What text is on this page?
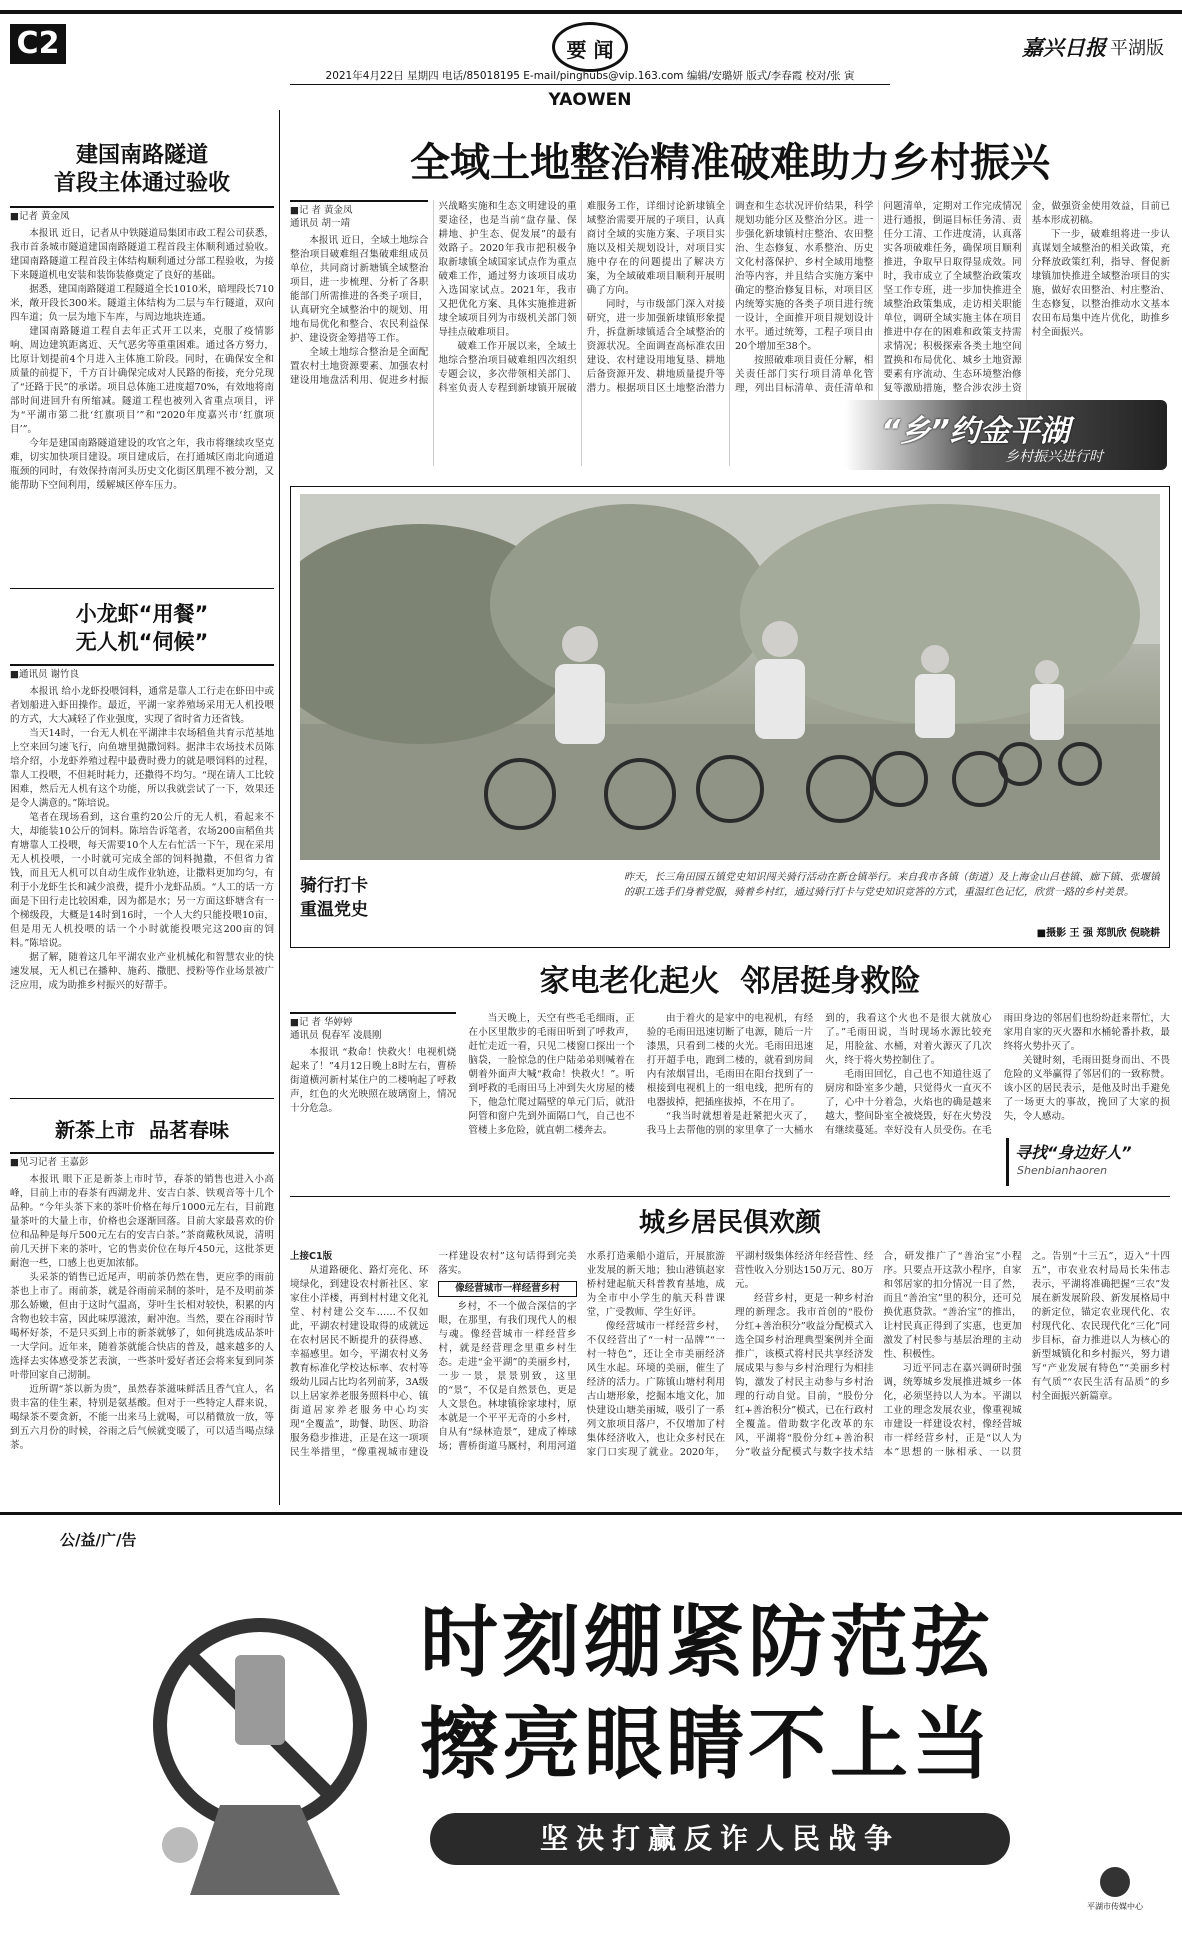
C2	要 闻	嘉兴日报 平湖版
2021年4月22日 星期四 电话/85018195 E-mail/pinghubs@vip.163.com 编辑/安璐妍 版式/李春霞 校对/张 寅
YAOWEN
建国南路隧道
首段主体通过验收
■记者 黄金凤

本报讯 近日，记者从中铁隧道局集团市政工程公司获悉，我市首条城市隧道建国南路隧道工程首段主体顺利通过验收。建国南路隧道工程首段主体结构顺利通过分部工程验收，为接下来隧道机电安装和装饰装修奠定了良好的基础。

据悉，建国南路隧道工程隧道全长1010米，暗埋段长710米，敞开段长300米。隧道主体结构为二层与车行隧道，双向四车道；负一层为地下车库，与周边地块连通。

建国南路隧道工程自去年正式开工以来，克服了疫情影响、周边建筑距离近、天气恶劣等重重困难。通过各方努力，比原计划提前4个月进入主体施工阶段。同时，在确保安全和质量的前提下，千方百计确保完成对人民路的衔接，充分兑现了“还路于民”的承诺。项目总体施工进度超70%，有效地将南部时间进回升有所缩减。隧道工程也被列入省重点项目，评为“平湖市第二批‘红旗项目’”和“2020年度嘉兴市‘红旗项目’”。

今年是建国南路隧道建设的攻官之年，我市将继续攻坚克难，切实加快项目建设。项目建成后，在打通城区南北向通道瓶颈的同时，有效保持南河头历史文化街区肌理不被分割，又能帮助下空间利用，缓解城区停车压力。

小龙虾“用餐”
无人机“伺候”
■通讯员 谢竹良

本报讯 给小龙虾投喂饲料，通常是靠人工行走在虾田中或者划船进入虾田操作。最近，平湖一家养殖场采用无人机投喂的方式，大大减轻了作业强度，实现了省时省力还省钱。

当天14时，一台无人机在平湖津丰农场稻鱼共育示范基地上空来回匀速飞行，向鱼塘里抛撒饲料。据津丰农场技术员陈培介绍，小龙虾养殖过程中最费时费力的就是喂饲料的过程，靠人工投喂，不但耗时耗力，还撒得不均匀。“现在请人工比较困难，然后无人机有这个功能，所以我就尝试了一下，效果还是令人满意的。”陈培说。

笔者在现场看到，这台重约20公斤的无人机，看起来不大，却能装10公斤的饲料。陈培告诉笔者，农场200亩稻鱼共育塘靠人工投喂，每天需要10个人左右忙活一下午，现在采用无人机投喂，一小时就可完成全部的饲料抛撒，不但省力省钱，而且无人机可以自动生成作业轨迹，让撒料更加均匀，有利于小龙虾生长和减少浪费，提升小龙虾品质。“人工的话一方面是下田行走比较困难，因为都是水；另一方面这虾塘含有一个梯级段，大概是14时到16时，一个人大约只能投喂10亩，但是用无人机投喂的话一个小时就能投喂完这200亩的饲料。”陈培说。

据了解，随着这几年平湖农业产业机械化和智慧农业的快速发展，无人机已在播种、施药、撒肥、授粉等作业场景被广泛应用，成为助推乡村振兴的好帮手。

新茶上市  品茗春味
■见习记者 王嘉彭

本报讯 眼下正是新茶上市时节，春茶的销售也进入小高峰，目前上市的春茶有西湖龙井、安吉白茶、铁观音等十几个品种。“今年头茶下来的茶叶价格在每斤1000元左右，目前跑量茶叶的大量上市，价格也会逐渐回落。目前大家最喜欢的价位和品种是每斤500元左右的安吉白茶。”茶商戴秋凤说，清明前几天拼下来的茶叶，它的售卖价位在每斤450元，这批茶更耐泡一些，口感上也更加浓郁。

头采茶的销售已近尾声，明前茶仍然在售，更应季的雨前茶也上市了。雨前茶，就是谷雨前采制的茶叶，是不及明前茶那么娇嫩，但由于这时气温高，芽叶生长相对较快，积累的内含物也较丰富，因此味厚滋浓，耐冲泡。当然，要在谷雨时节喝杯好茶，不是只买到上市的新茶就够了，如何挑选成品茶叶一大学问。近年来，随着茶就能合快店的普及，越来越多的人选择去实体感受茶艺表演，一些茶叶爱好者还会将来复到同茶叶带回家自己沏制。

近所谓“茶以新为贵”，虽然春茶滋味鲜活且香气宜人，名贵丰富的佳生素，特别是氨基酸。但对于一些特定人群来说，喝绿茶不要贪新，不能一出来马上就喝，可以稍微放一放，等到五六月份的时候，谷雨之后气候就变暖了，可以适当喝点绿茶。

全域土地整治精准破难助力乡村振兴
■记 者 黄金凤
通讯员 胡一靖

本报讯 近日，全域土地综合整治项目破难组召集破难组成员单位，共同商讨新塘镇全域整治项目，进一步梳理、分析了各职能部门所需推进的各类子项目，认真研究全域整治中的规划、用地布局优化和整合、农民利益保护、建设资金筹措等工作。

全域土地综合整治是全面配置农村土地资源要素、加强农村建设用地盘活利用、促进乡村振兴战略实施和生态文明建设的重要途径，也是当前“盘存量、保耕地、护生态、促发展”的最有效路子。2020年我市把积极争取新埭镇全域国家试点作为重点破难工作，通过努力该项目成功入选国家试点。2021年，我市又把优化方案、具体实施推进新埭全域项目列为市级机关部门领导挂点破难项目。

破难工作开展以来，全域土地综合整治项目破难组四次组织专题会议，多次带领相关部门、科室负责人专程到新埭镇开展破难服务工作，详细讨论新埭镇全域整治需要开展的子项目，认真商讨全域的实施方案、子项目实施以及相关规划设计，对项目实施中存在的问题提出了解决方案，为全域破难项目顺利开展明确了方向。

同时，与市级部门深入对接研究，进一步加强新埭镇形象提升，拆盘新埭镇适合全域整治的资源状况。全面调查高标准农田建设、农村建设用地复垦、耕地后备资源开发、耕地质量提升等潜力。根据项目区土地整治潜力调查和生态状况评价结果，科学规划功能分区及整治分区。进一步强化新埭镇村庄整治、农田整治、生态修复、水系整治、历史文化村落保护、乡村全域用地整治等内容，并且结合实施方案中确定的整治修复目标，对项目区内统筹实施的各类子项目进行统一设计，全面推开项目规划设计水平。通过统筹，工程子项目由20个增加至38个。

按照破难项目责任分解，相关责任部门实行项目清单化管理，列出目标清单、责任清单和问题清单，定期对工作完成情况进行通报，倒逼目标任务清、责任分工清、工作进度清，认真落实各项破难任务，确保项目顺利推进，争取早日取得显成效。同时，我市成立了全域整治政策攻坚工作专班，进一步加快推进全域整治政策集成，走访相关职能单位，调研全域实施主体在项目推进中存在的困难和政策支持需求情况；积极探索各类土地空间置换和布局优化、城乡土地资源要素有序流动、生态环境整治修复等激励措施，整合涉农涉土资金，做强资金使用效益，目前已基本形成初稿。

下一步，破难组将进一步认真谋划全域整治的相关政策，充分释放政策红利，指导、督促新埭镇加快推进全域整治项目的实施，做好农田整治、村庄整治、生态修复，以整治推动水文基本农田布局集中连片优化，助推乡村全面振兴。

“乡”约金平湖
乡村振兴进行时
骑行打卡
重温党史
昨天，长三角田园五镇党史知识闯关骑行活动在新仓镇举行。来自我市各镇（街道）及上海金山吕巷镇、廊下镇、张堰镇的职工选手们身着党服，骑着乡村红，通过骑行打卡与党史知识竞答的方式，重温红色记忆，欣赏一路的乡村美景。
■摄影 王 强 郑凯欣 倪晓耕
家电老化起火  邻居挺身救险
■记 者 华婷婷
通讯员 倪春军 凌晨刚

本报讯 “救命！快救火！电视机烧起来了！”4月12日晚上8时左右，曹桥街道横河新村某住户的二楼响起了呼救声，红色的火光映照在玻璃窗上，情况十分危急。

当天晚上，天空有些毛毛细雨，正在小区里散步的毛雨田听到了呼救声，赶忙走近一看，只见二楼窗口探出一个脑袋，一脸惊急的住户陆弟弟则喊着在朝着外面声大喊“救命！快救火！”。听到呼救的毛雨田马上冲到失火房屋的楼下，他急忙爬过隔壁的单元门后，就沿阿管和窗户先到外面隔口气，自己也不管楼上多危险，就直朝二楼奔去。

由于着火的是家中的电视机，有经验的毛雨田迅速切断了电源，随后一片漆黑，只看到二楼的火光。毛雨田迅速打开超手电，跑到二楼的，就看到房间内有浓烟冒出，毛雨田在阳台找到了一根接到电视机上的一组电线，把所有的电器拔掉，把插座拔掉，不在用了。

“我当时就想着是赶紧把火灭了，我马上去帮他的别的家里拿了一大桶水到的，我看这个火也不是很大就放心了。”毛雨田说，当时现场水源比较充足，用脸盆、水桶，对着火源灭了几次火，终于将火势控制住了。

毛雨田回忆，自己也不知道往返了厨房和卧室多少趟，只觉得火一直灭不了，心中十分着急，火焰也的确是越来越大，整间卧室全被烧毁，好在火势没有继续蔓延。幸好没有人员受伤。在毛雨田身边的邻居们也纷纷赶来帮忙，大家用自家的灭火器和水桶轮番扑救，最终将火势扑灭了。

关键时刻，毛雨田挺身而出、不畏危险的义举赢得了邻居们的一致称赞。该小区的居民表示，是他及时出手避免了一场更大的事故，挽回了大家的损失，令人感动。

寻找“身边好人”
Shenbianhaoren
城乡居民俱欢颜
上接C1版

从道路硬化、路灯亮化、环境绿化，到建设农村新社区、家家住小洋楼，再到村村建文化礼堂、村村建公交车……不仅如此，平湖农村建设取得的成就远在农村居民不断提升的获得感、幸福感里。如今，平湖农村义务教育标准化学校达标率、农村等级幼儿园占比均名列前茅，3A级以上居家养老服务照料中心、镇街道居家养老服务中心均实现“全覆盖”，助餐、助医、助浴服务稳步推进，正是在这一项项民生举措里，“像重视城市建设一样建设农村”这句话得到完美落实。

像经营城市一样经营乡村

乡村，不一个做合深信的字眼，在那里，有我们现代人的根与魂。像经营城市一样经营乡村，就是经营理念里重乡村生态。走进“金平湖”的美丽乡村，一步一景，景景别致，这里的“景”，不仅是自然景色，更是人文景色。林埭镇徐家埭村，原本就是一个平平无奇的小乡村，自从有“绿林造景”，建成了棒球场；曹桥街道马厩村，利用河道水系打造乘船小道后，开展旅游业发展的新天地；独山港镇赵家桥村建起航天科普教育基地，成为全市中小学生的航天科普课堂，广受教师、学生好评。

像经营城市一样经营乡村，不仅经营出了“一村一品牌”“一村一特色”，还让全市美丽经济风生水起。环境的美丽，催生了经济的活力。广陈镇山塘村利用古山塘形象，挖掘本地文化，加快建设山塘美丽城，吸引了一系列文旅项目落户，不仅增加了村集体经济收入，也让众多村民在家门口实现了就业。2020年，平湖村级集体经济年经营性、经营性收入分别达150万元、80万元。

经营乡村，更是一种乡村治理的新理念。我市首创的“股份分红+善治积分”收益分配模式入选全国乡村治理典型案例并全面推广，该模式将村民共享经济发展成果与参与乡村治理行为相挂钩，激发了村民主动参与乡村治理的行动自觉。目前，“股份分红+善治积分”模式，已在行政村全覆盖。借助数字化改革的东风，平湖将“股份分红+善治积分”收益分配模式与数字技术结合，研发推广了“善治宝”小程序。只要点开这款小程序，自家和邻居家的扣分情况一目了然，而且“善治宝”里的积分，还可兑换优惠贷款。“善治宝”的推出，让村民真正得到了实惠，也更加激发了村民参与基层治理的主动性、积极性。

习近平同志在嘉兴调研时强调，统筹城乡发展推进城乡一体化，必须坚持以人为本。平湖以工业的理念发展农业，像重视城市建设一样建设农村，像经营城市一样经营乡村，正是“以人为本”思想的一脉相承、一以贯之。告别“十三五”，迈入“十四五”，市农业农村局局长朱伟志表示，平湖将准确把握“三农”发展在新发展阶段、新发展格局中的新定位，锚定农业现代化、农村现代化、农民现代化“三化”同步目标，奋力推进以人为核心的新型城镇化和乡村振兴，努力谱写“产业发展有特色”“美丽乡村有气质”“农民生活有品质”的乡村全面振兴新篇章。

公/益/广/告
时刻绷紧防范弦
擦亮眼睛不上当
坚决打赢反诈人民战争
平湖市传媒中心
